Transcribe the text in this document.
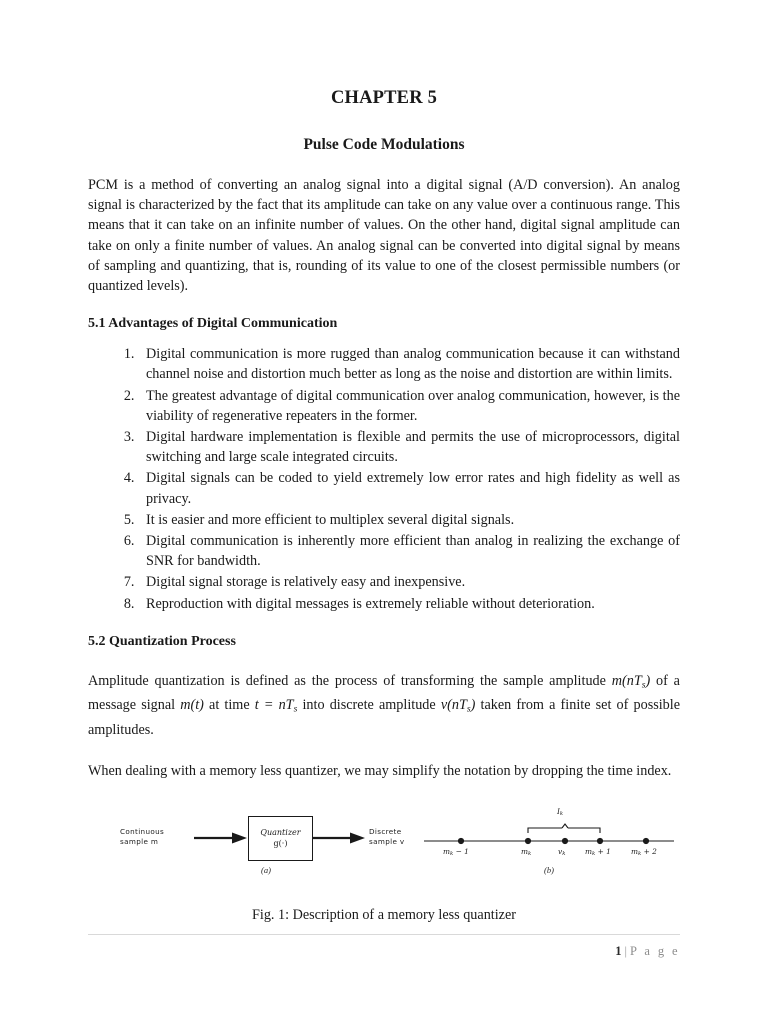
CHAPTER 5
Pulse Code Modulations

PCM is a method of converting an analog signal into a digital signal (A/D conversion). An analog signal is characterized by the fact that its amplitude can take on any value over a continuous range. This means that it can take on an infinite number of values. On the other hand, digital signal amplitude can take on only a finite number of values. An analog signal can be converted into digital signal by means of sampling and quantizing, that is, rounding of its value to one of the closest permissible numbers (or quantized levels).

5.1 Advantages of Digital Communication
1. Digital communication is more rugged than analog communication because it can withstand channel noise and distortion much better as long as the noise and distortion are within limits.
2. The greatest advantage of digital communication over analog communication, however, is the viability of regenerative repeaters in the former.
3. Digital hardware implementation is flexible and permits the use of microprocessors, digital switching and large scale integrated circuits.
4. Digital signals can be coded to yield extremely low error rates and high fidelity as well as privacy.
5. It is easier and more efficient to multiplex several digital signals.
6. Digital communication is inherently more efficient than analog in realizing the exchange of SNR for bandwidth.
7. Digital signal storage is relatively easy and inexpensive.
8. Reproduction with digital messages is extremely reliable without deterioration.
5.2 Quantization Process

Amplitude quantization is defined as the process of transforming the sample amplitude $m(nT_s)$ of a message signal m(t) at time $t = nT_s$ into discrete amplitude $v(nT_s)$ taken from a finite set of possible amplitudes.

When dealing with a memory less quantizer, we may simplify the notation by dropping the time index.

Continuous
sample m
Quantizer
g(·)
Discrete
sample v
(a)
$I_k$
$m_k - 1$	$m_k$	$v_k$	$m_k + 1$	$m_k + 2$
(b)
Fig. 1: Description of a memory less quantizer
1 | P a g e
